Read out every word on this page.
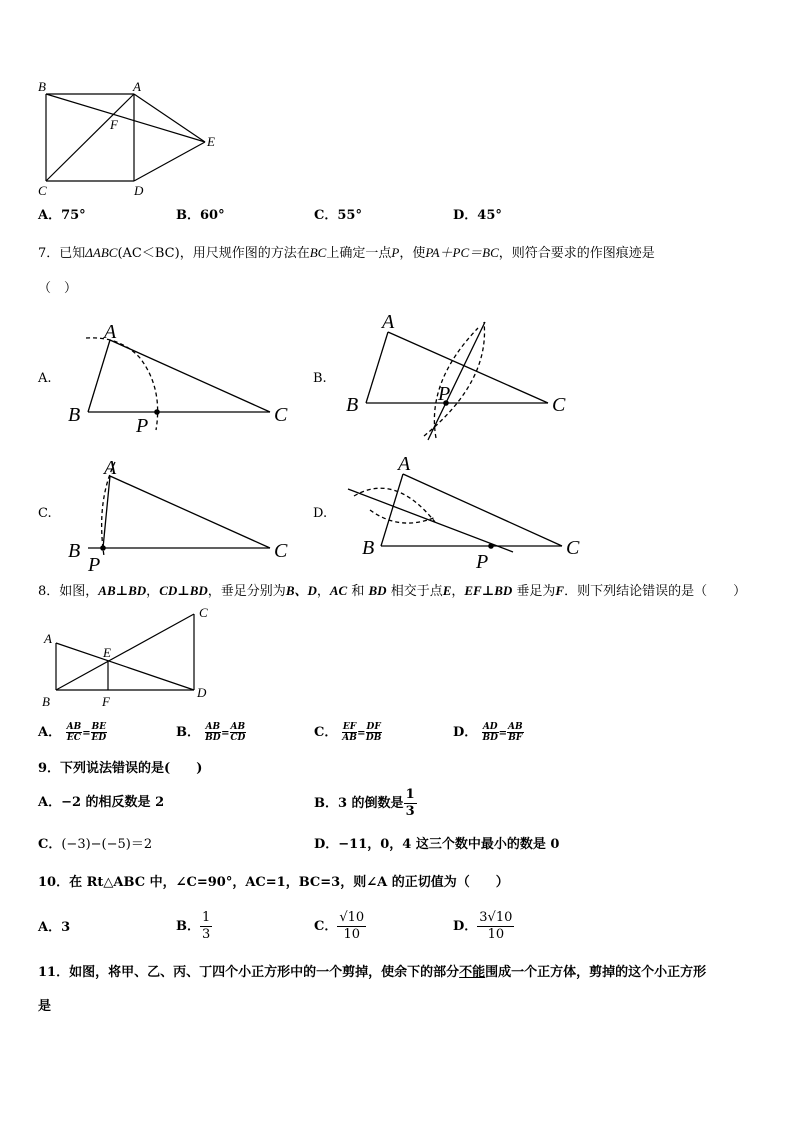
B	A
F
E
C	D
A．75°	B．60°	C．55°	D．45°
7．已知ΔABC(AC＜BC)，用尺规作图的方法在BC上确定一点P，使PA＋PC＝BC，则符合要求的作图痕迹是
（　）
A.
A
B	P	C
B.
A
B	P	C
C.
A
B
P
C
D.
A
B
P
C
8．如图，AB⊥BD，CD⊥BD，垂足分别为B、D，AC 和 BD 相交于点E，EF⊥BD 垂足为F．则下列结论错误的是（　　）
A
B
C
D
E
F
A． $\frac{AB}{EC} = \frac{BE}{ED}$	B． $\frac{AB}{BD} = \frac{AB}{CD}$	C． $\frac{EF}{AB} = \frac{DF}{DB}$	D． $\frac{AD}{BD} = \frac{AB}{BF}$
9．下列说法错误的是(　　)
A．−2 的相反数是 2	B．3 的倒数是 $\frac{1}{3}$
C．(−3)−(−5)＝2	D．−11，0，4 这三个数中最小的数是 0
10．在 Rt△ABC 中，∠C=90°，AC=1，BC=3，则∠A 的正切值为（　　）
A．3	B． $\frac{1}{3}$	C． $\frac{√10}{10}$	D． $\frac{3√10}{10}$
11．如图，将甲、乙、丙、丁四个小正方形中的一个剪掉，使余下的部分不能围成一个正方体，剪掉的这个小正方形
是
